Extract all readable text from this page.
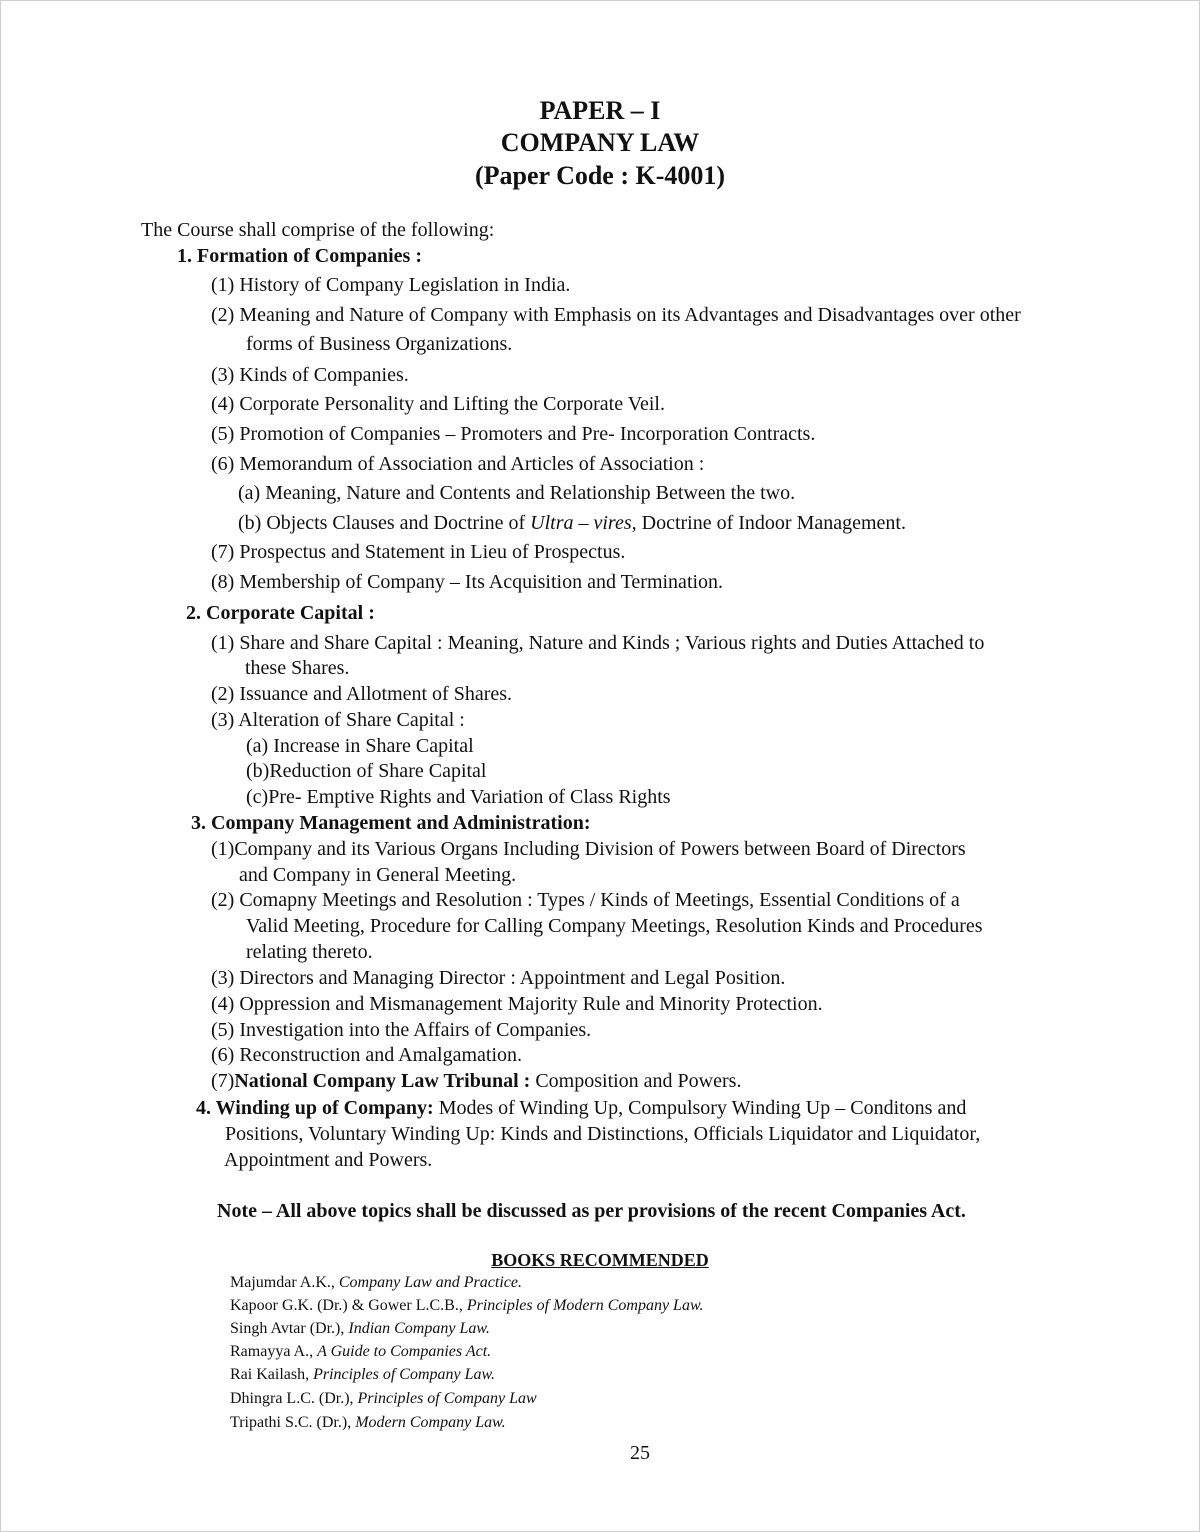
PAPER – I
COMPANY LAW
(Paper Code : K-4001)
The Course shall comprise of the following:
1. Formation of Companies :
(1) History of Company Legislation in India.
(2) Meaning and Nature of Company with Emphasis on its Advantages and Disadvantages over other
forms of Business Organizations.
(3) Kinds of Companies.
(4) Corporate Personality and Lifting the Corporate Veil.
(5) Promotion of Companies – Promoters and Pre- Incorporation Contracts.
(6) Memorandum of Association and Articles of Association :
(a) Meaning, Nature and Contents and Relationship Between the two.
(b) Objects Clauses and Doctrine of Ultra – vires, Doctrine of Indoor Management.
(7) Prospectus and Statement in Lieu of Prospectus.
(8) Membership of Company – Its Acquisition and Termination.
2. Corporate Capital :
(1) Share and Share Capital : Meaning, Nature and Kinds ; Various rights and Duties Attached to
these Shares.
(2) Issuance and Allotment of Shares.
(3) Alteration of Share Capital :
(a) Increase in Share Capital
(b)Reduction of Share Capital
(c)Pre- Emptive Rights and Variation of Class Rights
3. Company Management and Administration:
(1)Company and its Various Organs Including Division of Powers between Board of Directors
and Company in General Meeting.
(2) Comapny Meetings and Resolution : Types / Kinds of Meetings, Essential Conditions of a
Valid Meeting, Procedure for Calling Company Meetings, Resolution Kinds and Procedures
relating thereto.
(3) Directors and Managing Director : Appointment and Legal Position.
(4) Oppression and Mismanagement Majority Rule and Minority Protection.
(5) Investigation into the Affairs of Companies.
(6) Reconstruction and Amalgamation.
(7)National Company Law Tribunal : Composition and Powers.
4. Winding up of Company: Modes of Winding Up, Compulsory Winding Up – Conditons and
Positions, Voluntary Winding Up: Kinds and Distinctions, Officials Liquidator and Liquidator,
Appointment and Powers.
Note – All above topics shall be discussed as per provisions of the recent Companies Act.
BOOKS RECOMMENDED
Majumdar A.K., Company Law and Practice.
Kapoor G.K. (Dr.) & Gower L.C.B., Principles of Modern Company Law.
Singh Avtar (Dr.), Indian Company Law.
Ramayya A., A Guide to Companies Act.
Rai Kailash, Principles of Company Law.
Dhingra L.C. (Dr.), Principles of Company Law
Tripathi S.C. (Dr.), Modern Company Law.
25
